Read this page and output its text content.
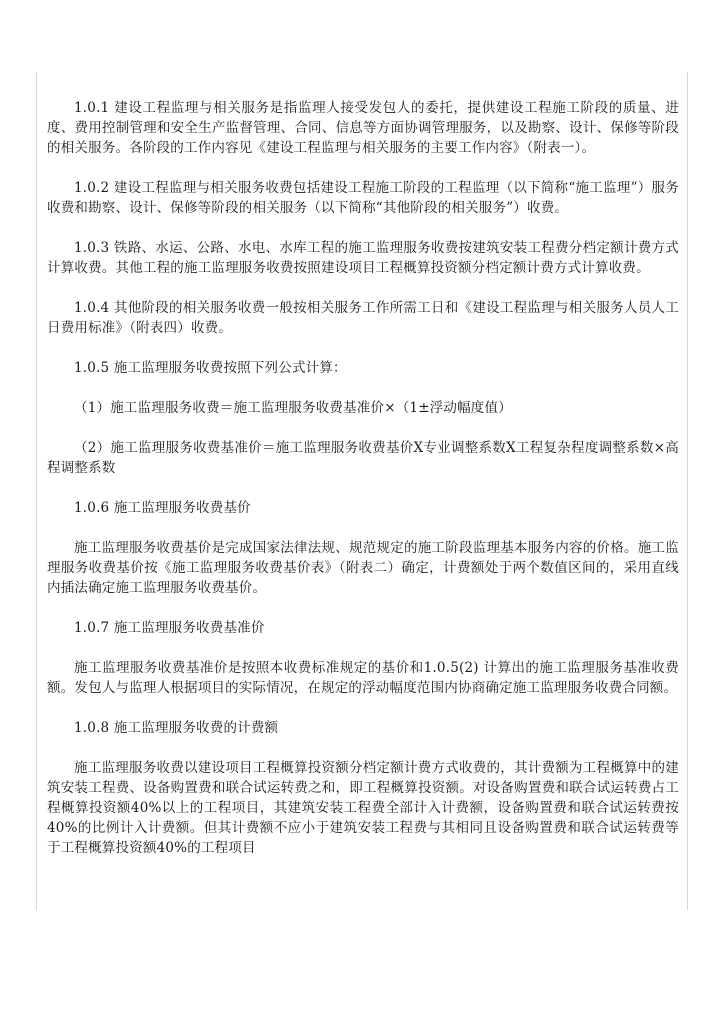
1.0.1 建设工程监理与相关服务是指监理人接受发包人的委托，提供建设工程施工阶段的质量、进度、费用控制管理和安全生产监督管理、合同、信息等方面协调管理服务，以及勘察、设计、保修等阶段的相关服务。各阶段的工作内容见《建设工程监理与相关服务的主要工作内容》（附表一）。

1.0.2 建设工程监理与相关服务收费包括建设工程施工阶段的工程监理（以下简称“施工监理”）服务收费和勘察、设计、保修等阶段的相关服务（以下简称“其他阶段的相关服务”）收费。

1.0.3 铁路、水运、公路、水电、水库工程的施工监理服务收费按建筑安装工程费分档定额计费方式计算收费。其他工程的施工监理服务收费按照建设项目工程概算投资额分档定额计费方式计算收费。

1.0.4 其他阶段的相关服务收费一般按相关服务工作所需工日和《建设工程监理与相关服务人员人工日费用标准》（附表四）收费。

1.0.5 施工监理服务收费按照下列公式计算：

（1）施工监理服务收费＝施工监理服务收费基准价×（1±浮动幅度值）

（2）施工监理服务收费基准价＝施工监理服务收费基价X专业调整系数X工程复杂程度调整系数×高程调整系数

1.0.6 施工监理服务收费基价

施工监理服务收费基价是完成国家法律法规、规范规定的施工阶段监理基本服务内容的价格。施工监理服务收费基价按《施工监理服务收费基价表》（附表二）确定，计费额处于两个数值区间的，采用直线内插法确定施工监理服务收费基价。

1.0.7 施工监理服务收费基准价

施工监理服务收费基准价是按照本收费标准规定的基价和1.0.5(2) 计算出的施工监理服务基准收费额。发包人与监理人根据项目的实际情况，在规定的浮动幅度范围内协商确定施工监理服务收费合同额。

1.0.8 施工监理服务收费的计费额

施工监理服务收费以建设项目工程概算投资额分档定额计费方式收费的，其计费额为工程概算中的建筑安装工程费、设备购置费和联合试运转费之和，即工程概算投资额。对设备购置费和联合试运转费占工程概算投资额40%以上的工程项目，其建筑安装工程费全部计入计费额，设备购置费和联合试运转费按40%的比例计入计费额。但其计费额不应小于建筑安装工程费与其相同且设备购置费和联合试运转费等于工程概算投资额40%的工程项目
